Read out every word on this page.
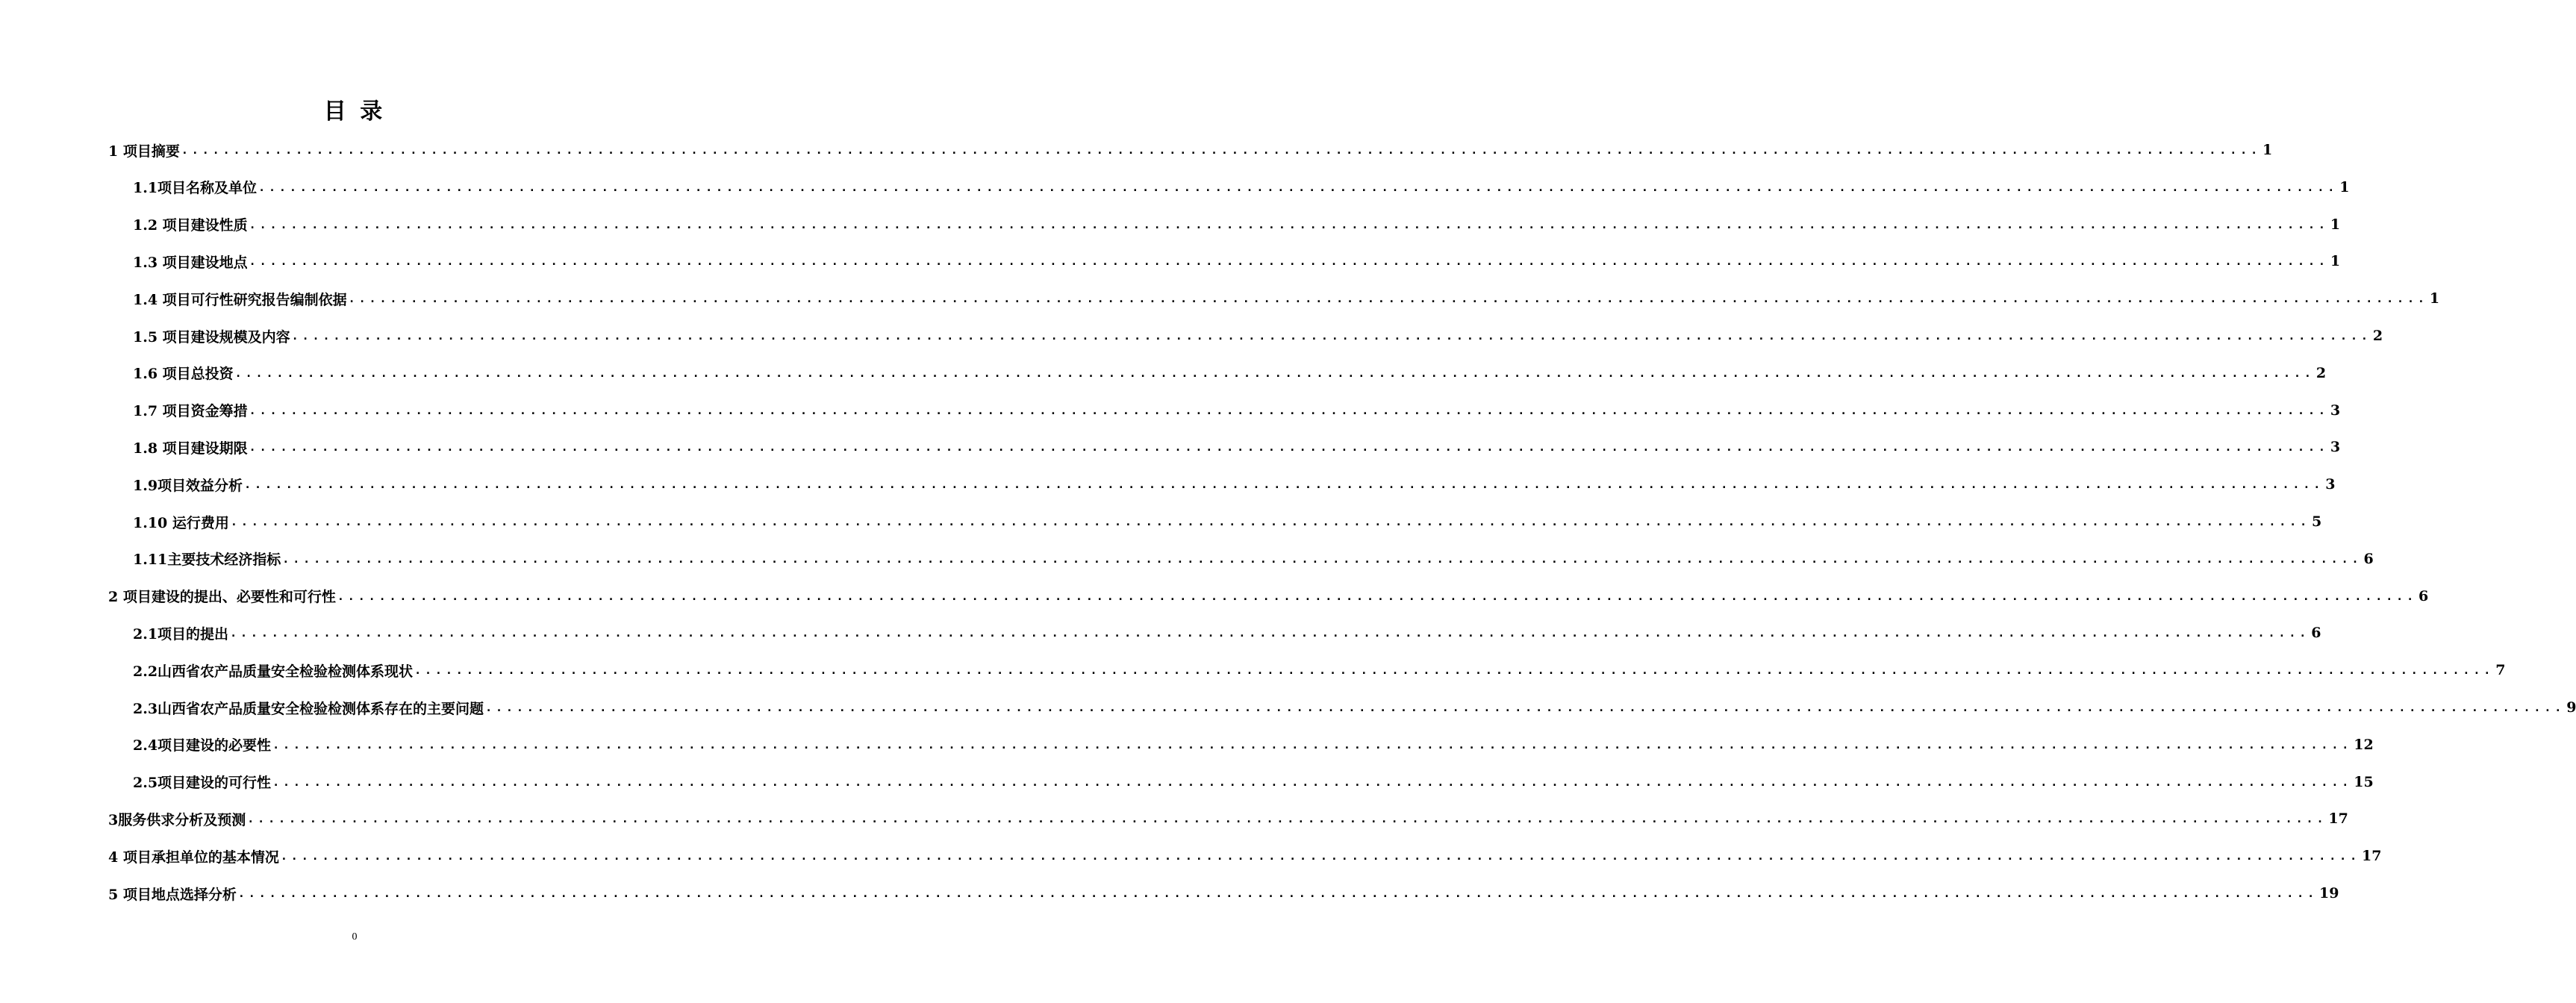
目 录
1 项目摘要 ........................................................................................................................................................................................................ 1
1.1项目名称及单位 ........................................................................................................................................................................................................ 1
1.2 项目建设性质 ........................................................................................................................................................................................................ 1
1.3 项目建设地点 ........................................................................................................................................................................................................ 1
1.4 项目可行性研究报告编制依据 ........................................................................................................................................................................................................ 1
1.5 项目建设规模及内容 ........................................................................................................................................................................................................ 2
1.6 项目总投资 ........................................................................................................................................................................................................ 2
1.7 项目资金筹措 ........................................................................................................................................................................................................ 3
1.8 项目建设期限 ........................................................................................................................................................................................................ 3
1.9项目效益分析 ........................................................................................................................................................................................................ 3
1.10 运行费用 ........................................................................................................................................................................................................ 5
1.11主要技术经济指标 ........................................................................................................................................................................................................ 6
2 项目建设的提出、必要性和可行性 ........................................................................................................................................................................................................ 6
2.1项目的提出 ........................................................................................................................................................................................................ 6
2.2山西省农产品质量安全检验检测体系现状 ........................................................................................................................................................................................................ 7
2.3山西省农产品质量安全检验检测体系存在的主要问题 ........................................................................................................................................................................................................ 9
2.4项目建设的必要性 ........................................................................................................................................................................................................ 12
2.5项目建设的可行性 ........................................................................................................................................................................................................ 15
3服务供求分析及预测 ........................................................................................................................................................................................................ 17
4 项目承担单位的基本情况 ........................................................................................................................................................................................................ 17
5 项目地点选择分析 ........................................................................................................................................................................................................ 19
0
